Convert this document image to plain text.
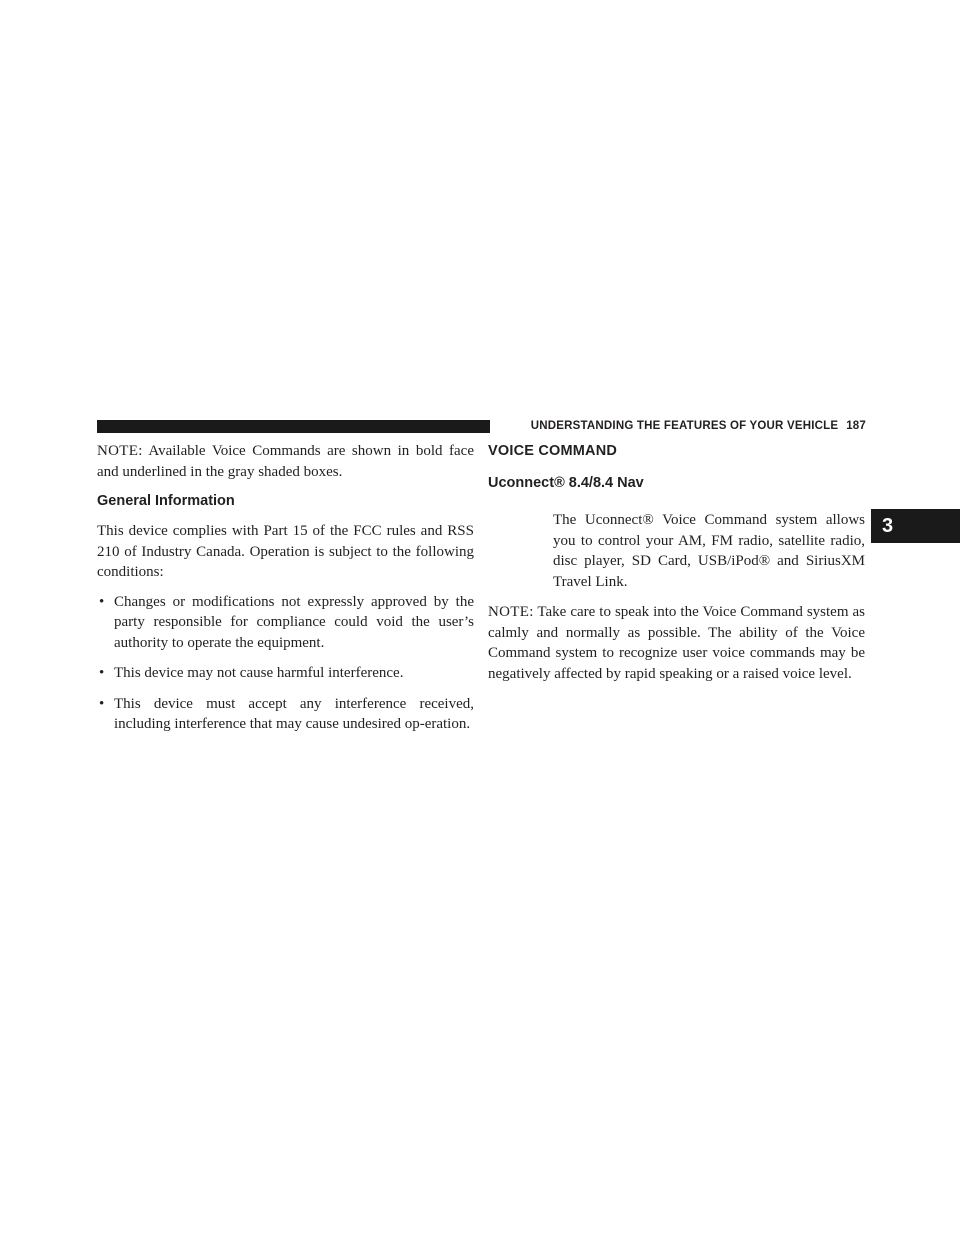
UNDERSTANDING THE FEATURES OF YOUR VEHICLE 187
3

NOTE: Available Voice Commands are shown in bold face and underlined in the gray shaded boxes.

General Information

This device complies with Part 15 of the FCC rules and RSS 210 of Industry Canada. Operation is subject to the following conditions:

• Changes or modifications not expressly approved by the party responsible for compliance could void the user’s authority to operate the equipment.
• This device may not cause harmful interference.
• This device must accept any interference received, including interference that may cause undesired op-eration.
VOICE COMMAND
Uconnect® 8.4/8.4 Nav

The Uconnect® Voice Command system allows you to control your AM, FM radio, satellite radio, disc player, SD Card, USB/iPod® and SiriusXM Travel Link.

NOTE: Take care to speak into the Voice Command system as calmly and normally as possible. The ability of the Voice Command system to recognize user voice commands may be negatively affected by rapid speaking or a raised voice level.
